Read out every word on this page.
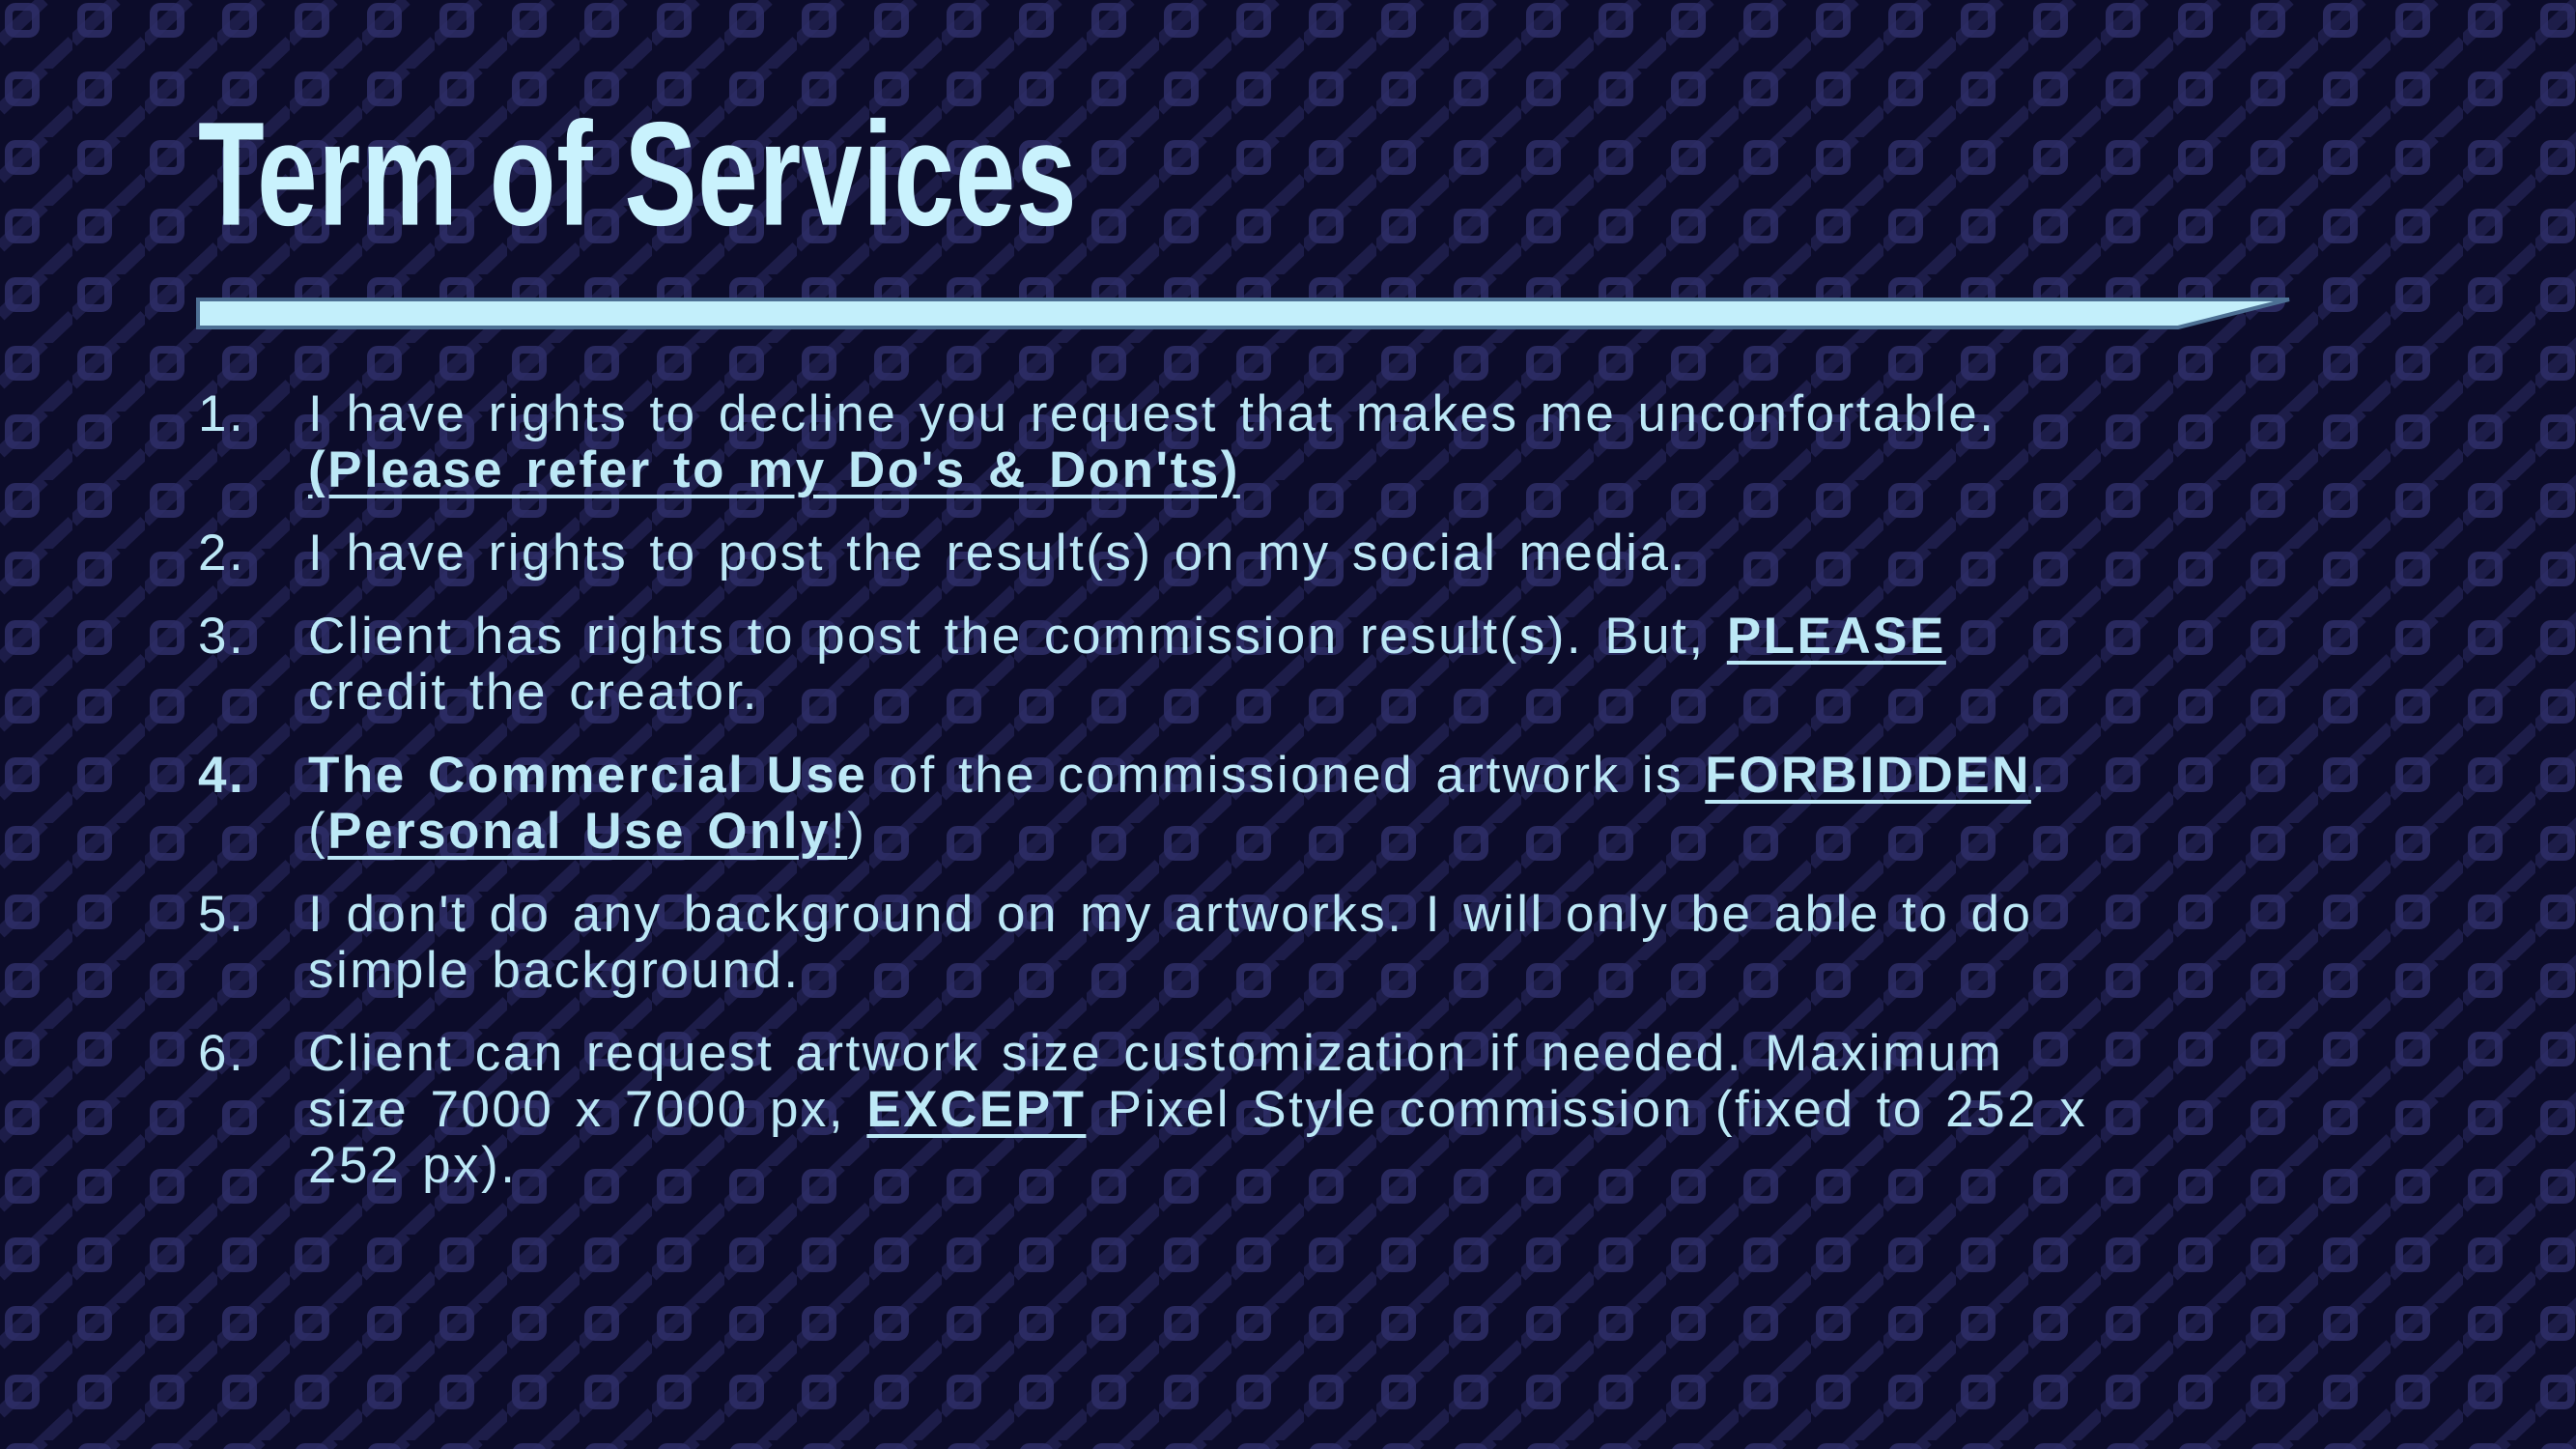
Term of Services
1. I have rights to decline you request that makes me unconfortable.
(Please refer to my Do's & Don'ts)
2. I have rights to post the result(s) on my social media.
3. Client has rights to post the commission result(s). But, PLEASE
credit the creator.
4. The Commercial Use of the commissioned artwork is FORBIDDEN.
(Personal Use Only!)
5. I don't do any background on my artworks. I will only be able to do
simple background.
6. Client can request artwork size customization if needed. Maximum
size 7000 x 7000 px, EXCEPT Pixel Style commission (fixed to 252 x
252 px).
